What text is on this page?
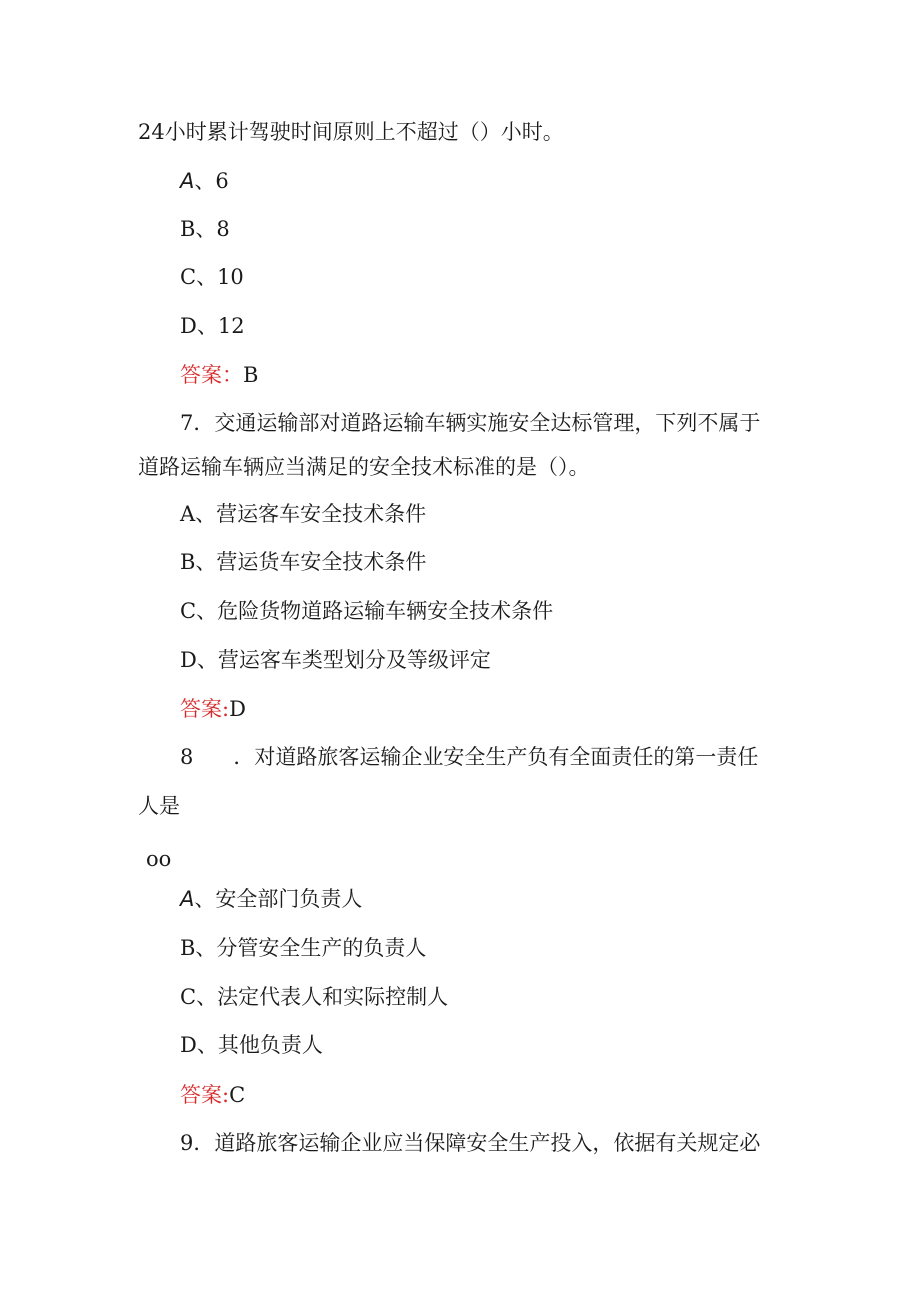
24小时累计驾驶时间原则上不超过（）小时。
A、6
B、8
C、10
D、12
答案：B
7．交通运输部对道路运输车辆实施安全达标管理，下列不属于
道路运输车辆应当满足的安全技术标准的是（）。
A、营运客车安全技术条件
B、营运货车安全技术条件
C、危险货物道路运输车辆安全技术条件
D、营运客车类型划分及等级评定
答案:D
8 ．对道路旅客运输企业安全生产负有全面责任的第一责任
人是
oo
A、安全部门负责人
B、分管安全生产的负责人
C、法定代表人和实际控制人
D、其他负责人
答案:C
9．道路旅客运输企业应当保障安全生产投入，依据有关规定必
